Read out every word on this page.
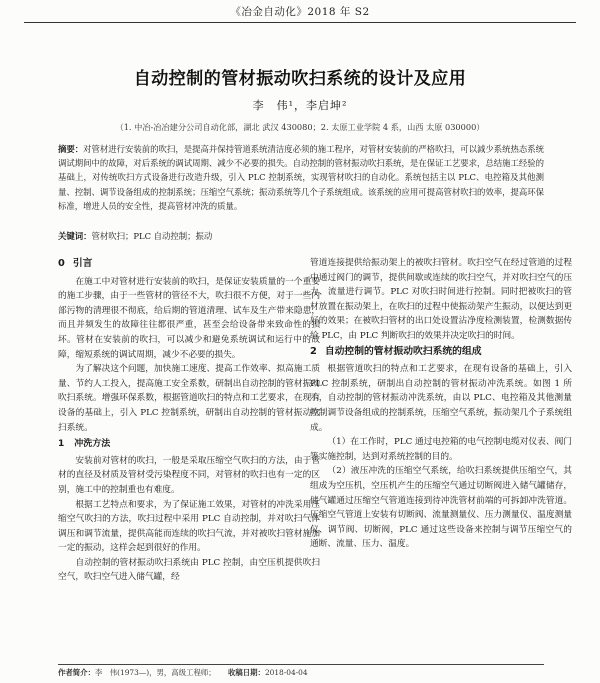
《冶金自动化》2018 年 S2
自动控制的管材振动吹扫系统的设计及应用
李　伟¹，李启坤²
（1. 中冶-冶冶建分公司自动化部，湖北 武汉 430080；2. 太原工业学院 4 系，山西 太原 030000）
摘要：对管材进行安装前的吹扫，是提高并保持管道系统清洁度必须的施工程序，对管材安装前的严格吹扫，可以減少系统热态系统调试期间中的故障，对后系统的调试周期、减少不必要的损失。自动控制的管材振动吹扫系统，是在保证工艺要求，总结施工经验的基础上，对传统吹扫方式设备进行改造升级，引入 PLC 控制系统，实现管材吹扫的自动化。系统包括主以 PLC、电控箱及其他测量、控制、调节设备组成的控制系统；压缩空气系统；振动系统等几个子系统组成。该系统的应用可提高管材吹扫的效率，提高环保标准，增进人员的安全性，提高管材冲洗的质量。
关键词：管材吹扫；PLC 自动控制；振动
0 引言

在施工中对管材进行安装前的吹扫，是保证安装质量的一个重要的施工步骤，由于一些管材的管径不大，吹扫很不方便，对于一些内部污物的清理很不彻底，给后期的管道清理、试车及生产带来隐患，而且并频发生的故障往往都很严重，甚至会给设备带来致命性的损坏。管材在安装前的吹扫，可以减少和避免系统调试和运行中的故障，缩短系统的调试周期，减少不必要的损失。

为了解决这个问题，加快施工速度、提高工作效率、拟高施工质量、节约人工投入，提高施工安全系数，研制出自动控制的管材振动吹扫系统。增强环保系数，根据管道吹扫的特点和工艺要求，在现有设备的基础上，引入 PLC 控制系统，研制出自动控制的管材振动吹扫系统。

1 冲洗方法

安装前对管材的吹扫，一般是采取压缩空气吹扫的方法，由于管材的直径及材质及管材受污染程度不同，对管材的吹扫也有一定的区别，施工中的控制重也有难度。

根据工艺特点和要求，为了保证施工效果，对管材的冲洗采用压缩空气吹扫的方法，吹扫过程中采用 PLC 自动控制，并对吹扫气体调压和调节流量，提供高能而连续的吹扫气流，并对被吹扫管材施加一定的振动，这样会起到很好的作用。

自动控制的管材振动吹扫系统由 PLC 控制，由空压机提供吹扫空气，吹扫空气进入储气罐，经

管道连接提供给振动架上的被吹扫管材。吹扫空气在经过管道的过程中通过阀门的调节，提供间歇或连续的吹扫空气，并对吹扫空气的压力、流量进行调节。PLC 对吹扫时间进行控制。同时把被吹扫的管材放置在振动架上，在吹扫的过程中使振动架产生振动，以便达到更好的效果；在被吹扫管材的出口处设置沾净度检测装置，检测数据传给 PLC，由 PLC 判断吹扫的效果并决定吹扫的时间。

2 自动控制的管材振动吹扫系统的组成

根据管道吹扫的特点和工艺要求，在现有设备的基础上，引入 PLC 控制系统，研制出自动控制的管材振动冲洗系统。如图 1 所示，自动控制的管材振动冲洗系统，由以 PLC、电控箱及其他测量控制调节设备组成的控制系统，压缩空气系统，振动架几个子系统组成。

（1）在工作时，PLC 通过电控箱的电气控制电缆对仪表、阀门等实施控制，达到对系统控制的目的。

（2）液压冲洗的压缩空气系统，给吹扫系统提供压缩空气，其组成为空压机，空压机产生的压缩空气通过切断阀进入储气罐储存，储气罐通过压缩空气管道连接到待冲洗管材前端的可拆卸冲洗管道。压缩空气管道上安装有切断阀、流量测量仪、压力测量仪、温度测量仪、调节阀、切断阀，PLC 通过这些设备来控制与调节压缩空气的通断、流量、压力、温度。

作者简介：李　伟(1973—)，男，高级工程师； 收稿日期：2018-04-04
